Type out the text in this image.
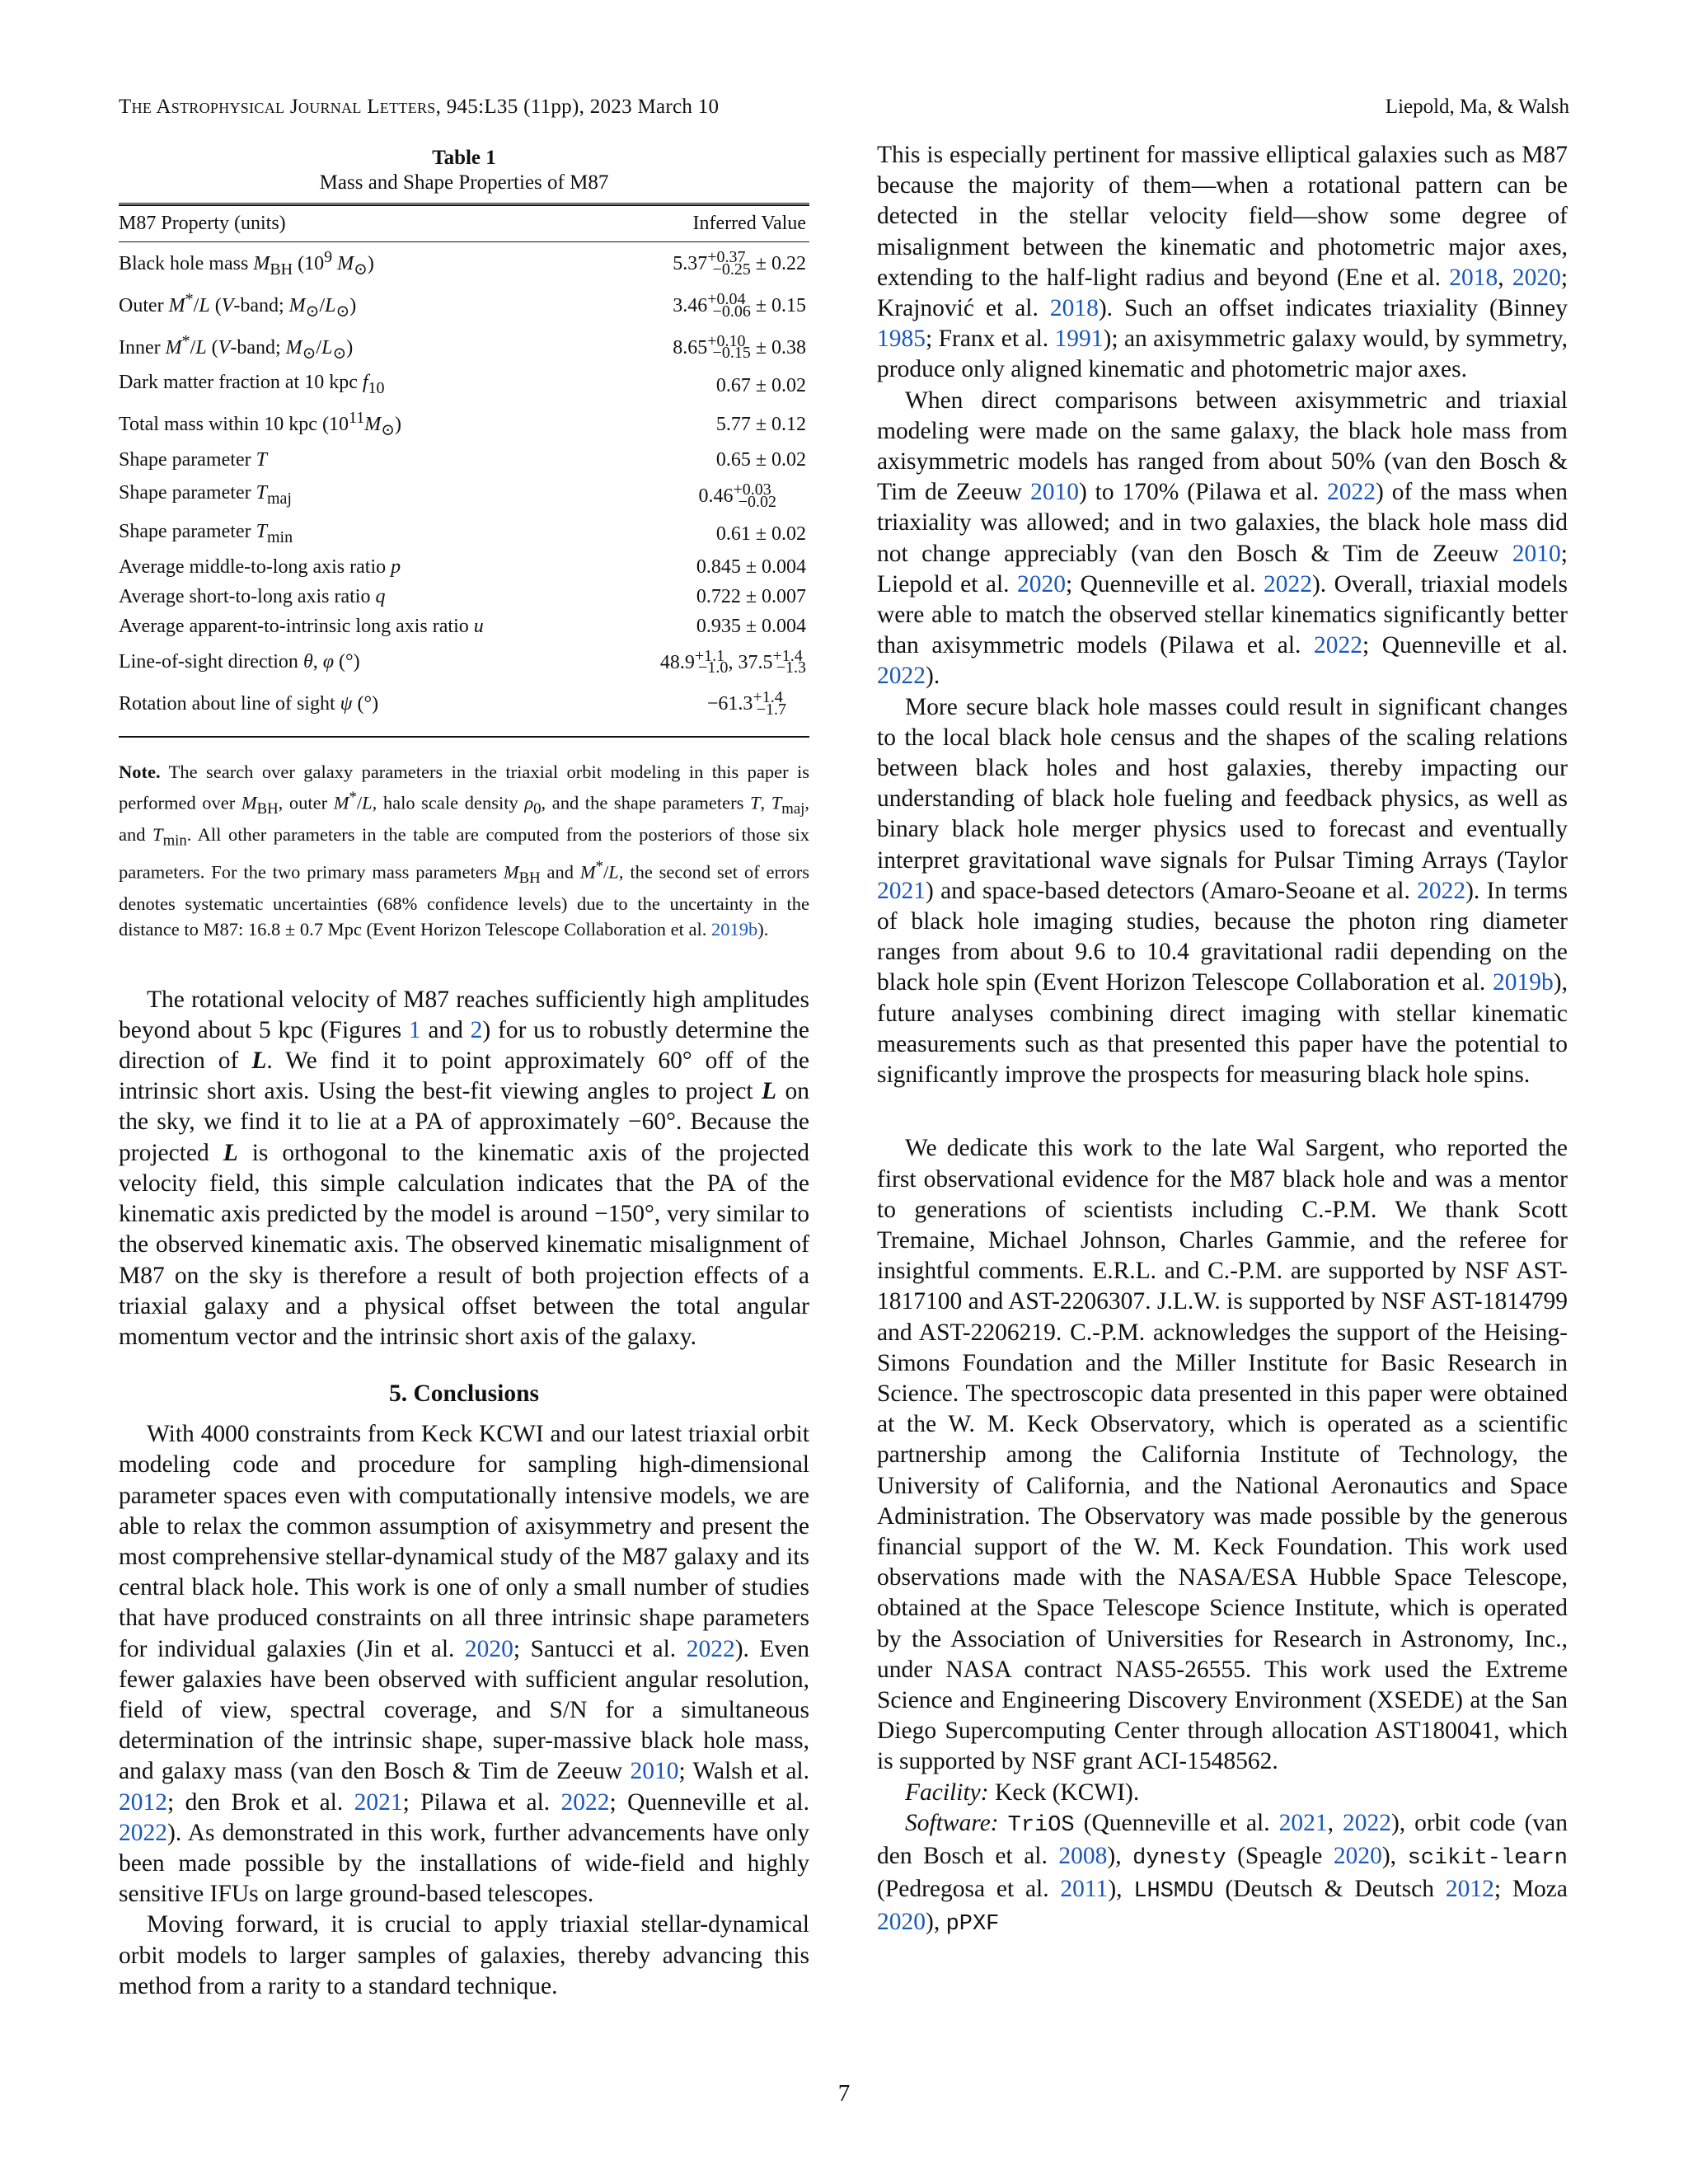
The Astrophysical Journal Letters, 945:L35 (11pp), 2023 March 10	Liepold, Ma, & Walsh
Table 1
Mass and Shape Properties of M87
M87 Property (units)	Inferred Value
Black hole mass $M_{BH}$ ($10^9$ $M_⊙$)	$5.37^{+0.37}_{-0.25} \pm 0.22$
Outer M*/L (V-band; $M_⊙/L_⊙$)	$3.46^{+0.04}_{-0.06} \pm 0.15$
Inner M*/L (V-band; $M_⊙/L_⊙$)	$8.65^{+0.10}_{-0.15} \pm 0.38$
Dark matter fraction at 10 kpc $f_{10}$	0.67 ± 0.02
Total mass within 10 kpc $(10^{11}M_⊙)$	5.77 ± 0.12
Shape parameter T	0.65 ± 0.02
Shape parameter $T_{maj}$	$0.46^{+0.03}_{-0.02}$
Shape parameter $T_{min}$	0.61 ± 0.02
Average middle-to-long axis ratio p	0.845 ± 0.004
Average short-to-long axis ratio q	0.722 ± 0.007
Average apparent-to-intrinsic long axis ratio u	0.935 ± 0.004
Line-of-sight direction θ, φ (°)	$48.9^{+1.1}_{-1.0}$, $37.5^{+1.4}_{-1.3}$
Rotation about line of sight ψ (°)	$-61.3^{+1.4}_{-1.7}$
Note. The search over galaxy parameters in the triaxial orbit modeling in this paper is performed over $M_{BH}$, outer M*/L, halo scale density $\rho_0$, and the shape parameters T, $T_{maj}$, and $T_{min}$. All other parameters in the table are computed from the posteriors of those six parameters. For the two primary mass parameters $M_{BH}$ and M*/L, the second set of errors denotes systematic uncertainties (68% confidence levels) due to the uncertainty in the distance to M87: 16.8 ± 0.7 Mpc (Event Horizon Telescope Collaboration et al. 2019b).

The rotational velocity of M87 reaches sufficiently high amplitudes beyond about 5 kpc (Figures 1 and 2) for us to robustly determine the direction of L. We find it to point approximately 60° off of the intrinsic short axis. Using the best-fit viewing angles to project L on the sky, we find it to lie at a PA of approximately −60°. Because the projected L is orthogonal to the kinematic axis of the projected velocity field, this simple calculation indicates that the PA of the kinematic axis predicted by the model is around −150°, very similar to the observed kinematic axis. The observed kinematic misalignment of M87 on the sky is therefore a result of both projection effects of a triaxial galaxy and a physical offset between the total angular momentum vector and the intrinsic short axis of the galaxy.

5. Conclusions

With 4000 constraints from Keck KCWI and our latest triaxial orbit modeling code and procedure for sampling high-dimensional parameter spaces even with computationally intensive models, we are able to relax the common assumption of axisymmetry and present the most comprehensive stellar-dynamical study of the M87 galaxy and its central black hole. This work is one of only a small number of studies that have produced constraints on all three intrinsic shape parameters for individual galaxies (Jin et al. 2020; Santucci et al. 2022). Even fewer galaxies have been observed with sufficient angular resolution, field of view, spectral coverage, and S/N for a simultaneous determination of the intrinsic shape, super-massive black hole mass, and galaxy mass (van den Bosch & Tim de Zeeuw 2010; Walsh et al. 2012; den Brok et al. 2021; Pilawa et al. 2022; Quenneville et al. 2022). As demonstrated in this work, further advancements have only been made possible by the installations of wide-field and highly sensitive IFUs on large ground-based telescopes.

Moving forward, it is crucial to apply triaxial stellar-dynamical orbit models to larger samples of galaxies, thereby advancing this method from a rarity to a standard technique.

This is especially pertinent for massive elliptical galaxies such as M87 because the majority of them—when a rotational pattern can be detected in the stellar velocity field—show some degree of misalignment between the kinematic and photometric major axes, extending to the half-light radius and beyond (Ene et al. 2018, 2020; Krajnović et al. 2018). Such an offset indicates triaxiality (Binney 1985; Franx et al. 1991); an axisymmetric galaxy would, by symmetry, produce only aligned kinematic and photometric major axes.

When direct comparisons between axisymmetric and triaxial modeling were made on the same galaxy, the black hole mass from axisymmetric models has ranged from about 50% (van den Bosch & Tim de Zeeuw 2010) to 170% (Pilawa et al. 2022) of the mass when triaxiality was allowed; and in two galaxies, the black hole mass did not change appreciably (van den Bosch & Tim de Zeeuw 2010; Liepold et al. 2020; Quenneville et al. 2022). Overall, triaxial models were able to match the observed stellar kinematics significantly better than axisymmetric models (Pilawa et al. 2022; Quenneville et al. 2022).

More secure black hole masses could result in significant changes to the local black hole census and the shapes of the scaling relations between black holes and host galaxies, thereby impacting our understanding of black hole fueling and feedback physics, as well as binary black hole merger physics used to forecast and eventually interpret gravitational wave signals for Pulsar Timing Arrays (Taylor 2021) and space-based detectors (Amaro-Seoane et al. 2022). In terms of black hole imaging studies, because the photon ring diameter ranges from about 9.6 to 10.4 gravitational radii depending on the black hole spin (Event Horizon Telescope Collaboration et al. 2019b), future analyses combining direct imaging with stellar kinematic measurements such as that presented this paper have the potential to significantly improve the prospects for measuring black hole spins.

We dedicate this work to the late Wal Sargent, who reported the first observational evidence for the M87 black hole and was a mentor to generations of scientists including C.-P.M. We thank Scott Tremaine, Michael Johnson, Charles Gammie, and the referee for insightful comments. E.R.L. and C.-P.M. are supported by NSF AST-1817100 and AST-2206307. J.L.W. is supported by NSF AST-1814799 and AST-2206219. C.-P.M. acknowledges the support of the Heising-Simons Foundation and the Miller Institute for Basic Research in Science. The spectroscopic data presented in this paper were obtained at the W. M. Keck Observatory, which is operated as a scientific partnership among the California Institute of Technology, the University of California, and the National Aeronautics and Space Administration. The Observatory was made possible by the generous financial support of the W. M. Keck Foundation. This work used observations made with the NASA/ESA Hubble Space Telescope, obtained at the Space Telescope Science Institute, which is operated by the Association of Universities for Research in Astronomy, Inc., under NASA contract NAS5-26555. This work used the Extreme Science and Engineering Discovery Environment (XSEDE) at the San Diego Supercomputing Center through allocation AST180041, which is supported by NSF grant ACI-1548562.

Facility: Keck (KCWI).

Software: TriOS (Quenneville et al. 2021, 2022), orbit code (van den Bosch et al. 2008), dynesty (Speagle 2020), scikit-learn (Pedregosa et al. 2011), LHSMDU (Deutsch & Deutsch 2012; Moza 2020), pPXF

7
